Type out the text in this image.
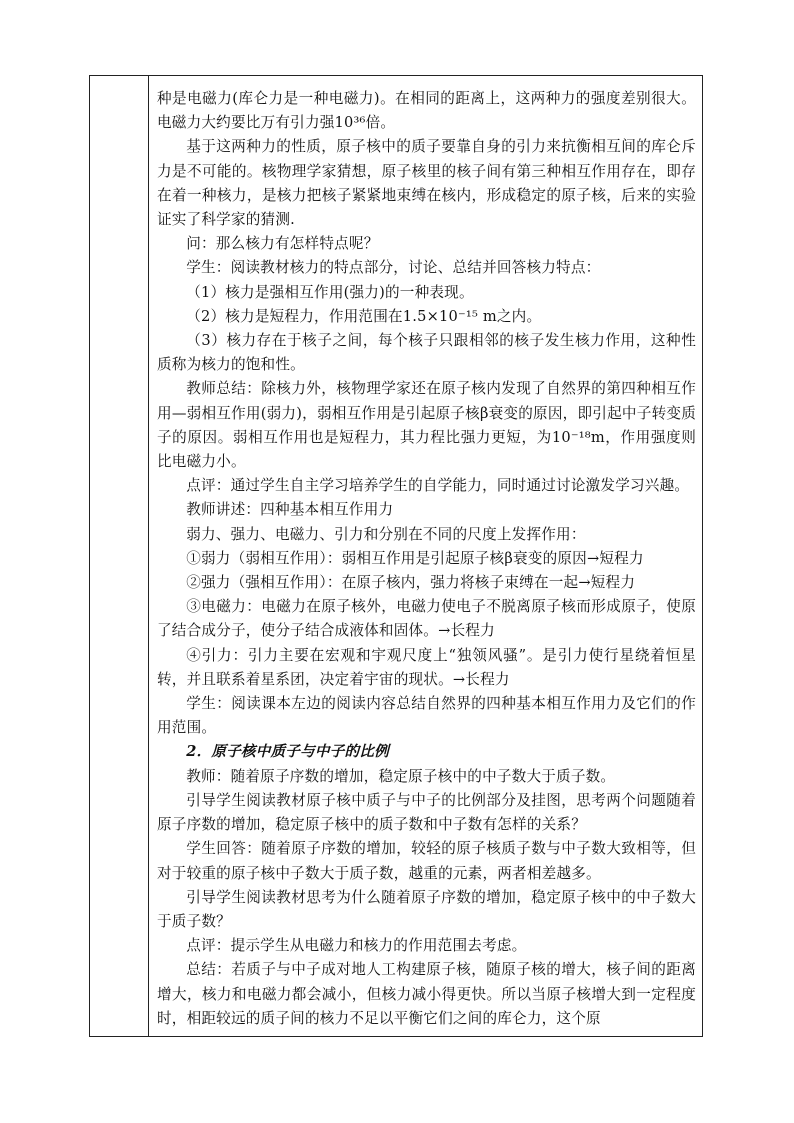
种是电磁力(库仑力是一种电磁力)。在相同的距离上，这两种力的强度差别很大。电磁力大约要比万有引力强10³⁶倍。

基于这两种力的性质，原子核中的质子要靠自身的引力来抗衡相互间的库仑斥力是不可能的。核物理学家猜想，原子核里的核子间有第三种相互作用存在，即存在着一种核力，是核力把核子紧紧地束缚在核内，形成稳定的原子核，后来的实验证实了科学家的猜测.

问：那么核力有怎样特点呢？

学生：阅读教材核力的特点部分，讨论、总结并回答核力特点：

（1）核力是强相互作用(强力)的一种表现。

（2）核力是短程力，作用范围在1.5×10⁻¹⁵ m之内。

（3）核力存在于核子之间，每个核子只跟相邻的核子发生核力作用，这种性质称为核力的饱和性。

教师总结：除核力外，核物理学家还在原子核内发现了自然界的第四种相互作用—弱相互作用(弱力)，弱相互作用是引起原子核β衰变的原因，即引起中子转变质子的原因。弱相互作用也是短程力，其力程比强力更短，为10⁻¹⁸m，作用强度则比电磁力小。

点评：通过学生自主学习培养学生的自学能力，同时通过讨论激发学习兴趣。

教师讲述：四种基本相互作用力

弱力、强力、电磁力、引力和分别在不同的尺度上发挥作用：

①弱力（弱相互作用）：弱相互作用是引起原子核β衰变的原因→短程力

②强力（强相互作用）：在原子核内，强力将核子束缚在一起→短程力

③电磁力：电磁力在原子核外，电磁力使电子不脱离原子核而形成原子，使原了结合成分子，使分子结合成液体和固体。→长程力

④引力：引力主要在宏观和宇观尺度上“独领风骚”。是引力使行星绕着恒星转，并且联系着星系团，决定着宇宙的现状。→长程力

学生：阅读课本左边的阅读内容总结自然界的四种基本相互作用力及它们的作用范围。

2．原子核中质子与中子的比例

教师：随着原子序数的增加，稳定原子核中的中子数大于质子数。

引导学生阅读教材原子核中质子与中子的比例部分及挂图，思考两个问题随着原子序数的增加，稳定原子核中的质子数和中子数有怎样的关系？

学生回答：随着原子序数的增加，较轻的原子核质子数与中子数大致相等，但对于较重的原子核中子数大于质子数，越重的元素，两者相差越多。

引导学生阅读教材思考为什么随着原子序数的增加，稳定原子核中的中子数大于质子数？

点评：提示学生从电磁力和核力的作用范围去考虑。

总结：若质子与中子成对地人工构建原子核，随原子核的增大，核子间的距离增大，核力和电磁力都会减小，但核力减小得更快。所以当原子核增大到一定程度时，相距较远的质子间的核力不足以平衡它们之间的库仑力，这个原
